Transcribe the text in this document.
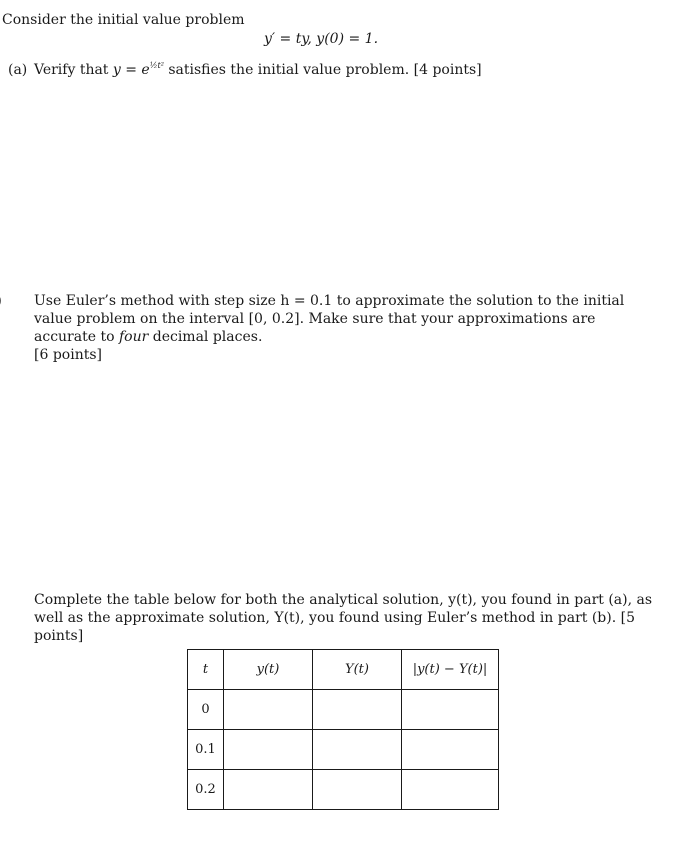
Consider the initial value problem
y′ = ty, y(0) = 1.
(a) Verify that $y = e^{\frac{1}{2}t^2}$ satisfies the initial value problem. [4 points]
Use Euler’s method with step size h = 0.1 to approximate the solution to the initial value problem on the interval [0, 0.2]. Make sure that your approximations are accurate to four decimal places.
[6 points]
Complete the table below for both the analytical solution, y(t), you found in part (a), as well as the approximate solution, Y(t), you found using Euler’s method in part (b). [5 points]
t	y(t)	Y(t)	|y(t) − Y(t)|
0			
0.1			
0.2			
